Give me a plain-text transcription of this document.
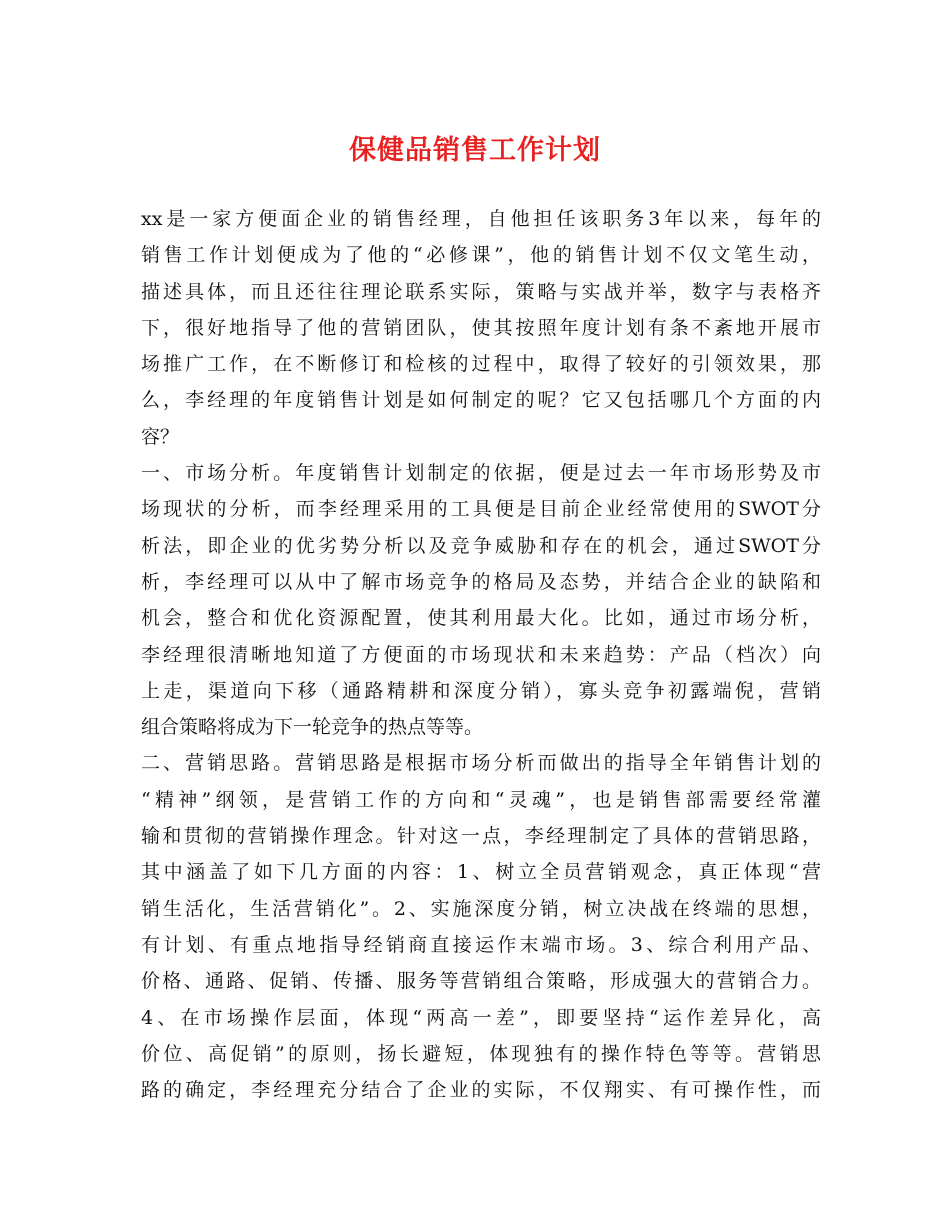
保健品销售工作计划
xx是一家方便面企业的销售经理，自他担任该职务3年以来，每年的
销售工作计划便成为了他的“必修课”，他的销售计划不仅文笔生动，
描述具体，而且还往往理论联系实际，策略与实战并举，数字与表格齐
下，很好地指导了他的营销团队，使其按照年度计划有条不紊地开展市
场推广工作，在不断修订和检核的过程中，取得了较好的引领效果，那
么，李经理的年度销售计划是如何制定的呢？它又包括哪几个方面的内
容？
一、市场分析。年度销售计划制定的依据，便是过去一年市场形势及市
场现状的分析，而李经理采用的工具便是目前企业经常使用的SWOT分
析法，即企业的优劣势分析以及竞争威胁和存在的机会，通过SWOT分
析，李经理可以从中了解市场竞争的格局及态势，并结合企业的缺陷和
机会，整合和优化资源配置，使其利用最大化。比如，通过市场分析，
李经理很清晰地知道了方便面的市场现状和未来趋势：产品（档次）向
上走，渠道向下移（通路精耕和深度分销），寡头竞争初露端倪，营销
组合策略将成为下一轮竞争的热点等等。
二、营销思路。营销思路是根据市场分析而做出的指导全年销售计划的
“精神”纲领，是营销工作的方向和“灵魂”，也是销售部需要经常灌
输和贯彻的营销操作理念。针对这一点，李经理制定了具体的营销思路，
其中涵盖了如下几方面的内容：1、树立全员营销观念，真正体现“营
销生活化，生活营销化”。2、实施深度分销，树立决战在终端的思想，
有计划、有重点地指导经销商直接运作末端市场。3、综合利用产品、
价格、通路、促销、传播、服务等营销组合策略，形成强大的营销合力。
4、在市场操作层面，体现“两高一差”，即要坚持“运作差异化，高
价位、高促销”的原则，扬长避短，体现独有的操作特色等等。营销思
路的确定，李经理充分结合了企业的实际，不仅翔实、有可操作性，而
